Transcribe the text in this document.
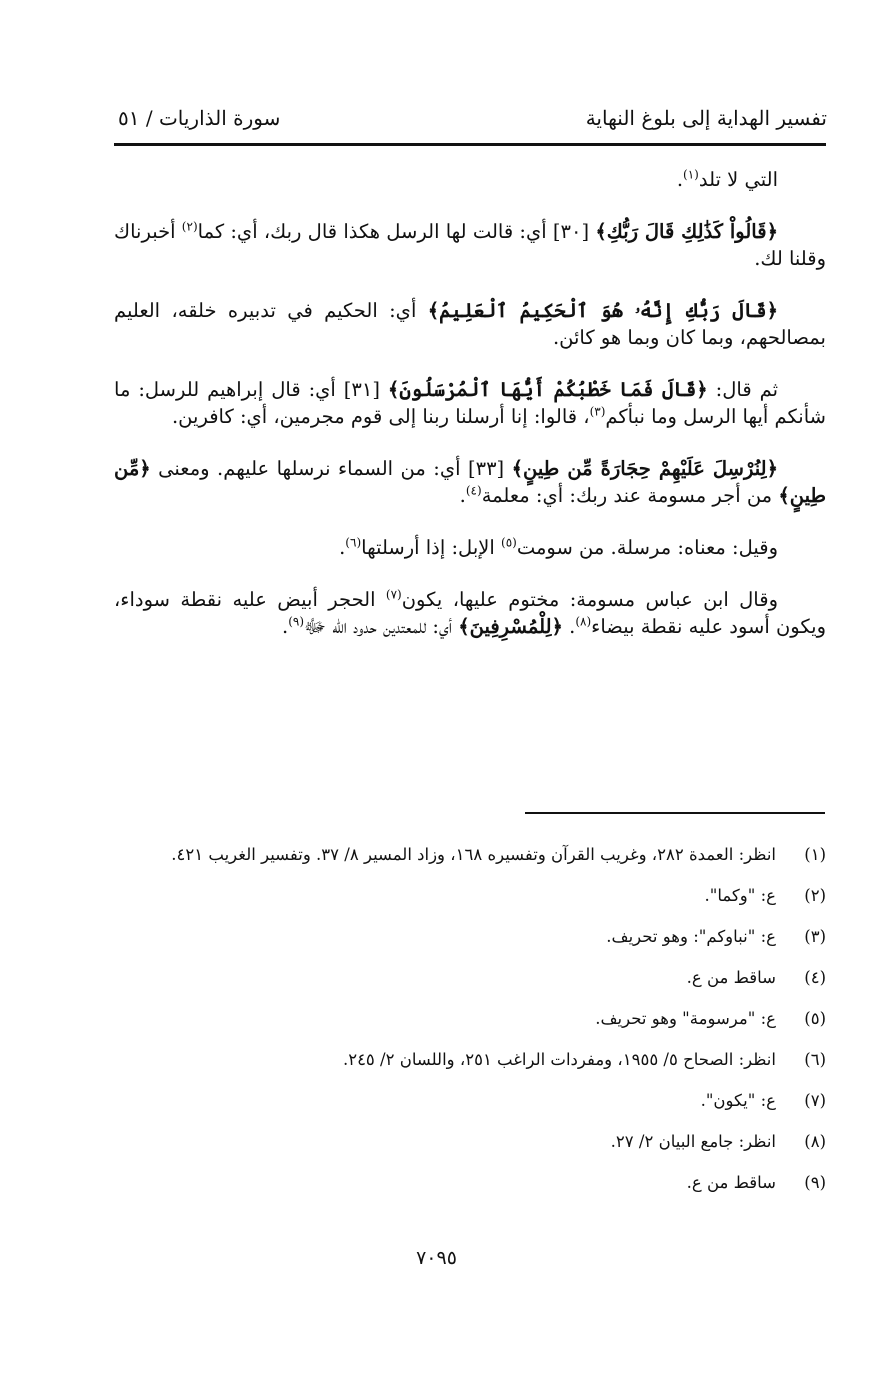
تفسير الهداية إلى بلوغ النهاية
سورة الذاريات / ٥١

التي لا تلد$^{(١)}$.

﴿قَالُواْ كَذَٰلِكِ قَالَ رَبُّكِ﴾ [٣٠] أي: قالت لها الرسل هكذا قال ربك، أي: كما$^{(٢)}$ أخبرناك وقلنا لك.

﴿قَالَ رَبُّكِ إِنَّهُۥ هُوَ ٱلْحَكِيمُ ٱلْعَلِيمُ﴾ أي: الحكيم في تدبيره خلقه، العليم بمصالحهم، وبما كان وبما هو كائن.

ثم قال: ﴿قَالَ فَمَا خَطْبُكُمْ أَيُّهَا ٱلْمُرْسَلُونَ﴾ [٣١] أي: قال إبراهيم للرسل: ما شأنكم أيها الرسل وما نبأكم$^{(٣)}$، قالوا: إنا أرسلنا ربنا إلى قوم مجرمين، أي: كافرين.

﴿لِنُرْسِلَ عَلَيْهِمْ حِجَارَةً مِّن طِينٍ﴾ [٣٣] أي: من السماء نرسلها عليهم. ومعنى ﴿مِّن طِينٍ﴾ من أجر مسومة عند ربك: أي: معلمة$^{(٤)}$.

وقيل: معناه: مرسلة. من سومت$^{(٥)}$ الإبل: إذا أرسلتها$^{(٦)}$.

وقال ابن عباس مسومة: مختوم عليها، يكون$^{(٧)}$ الحجر أبيض عليه نقطة سوداء، ويكون أسود عليه نقطة بيضاء$^{(٨)}$. ﴿لِلْمُسْرِفِينَ﴾ أي: للمعتدين حدود الله ﷻ$^{(٩)}$.

(١)
انظر: العمدة ٢٨٢، وغريب القرآن وتفسيره ١٦٨، وزاد المسير ٨/ ٣٧. وتفسير الغريب ٤٢١.
(٢)
ع: "وكما".
(٣)
ع: "نباوكم": وهو تحريف.
(٤)
ساقط من ع.
(٥)
ع: "مرسومة" وهو تحريف.
(٦)
انظر: الصحاح ٥/ ١٩٥٥، ومفردات الراغب ٢٥١، واللسان ٢/ ٢٤٥.
(٧)
ع: "يكون".
(٨)
انظر: جامع البيان ٢/ ٢٧.
(٩)
ساقط من ع.
٧٠٩٥
